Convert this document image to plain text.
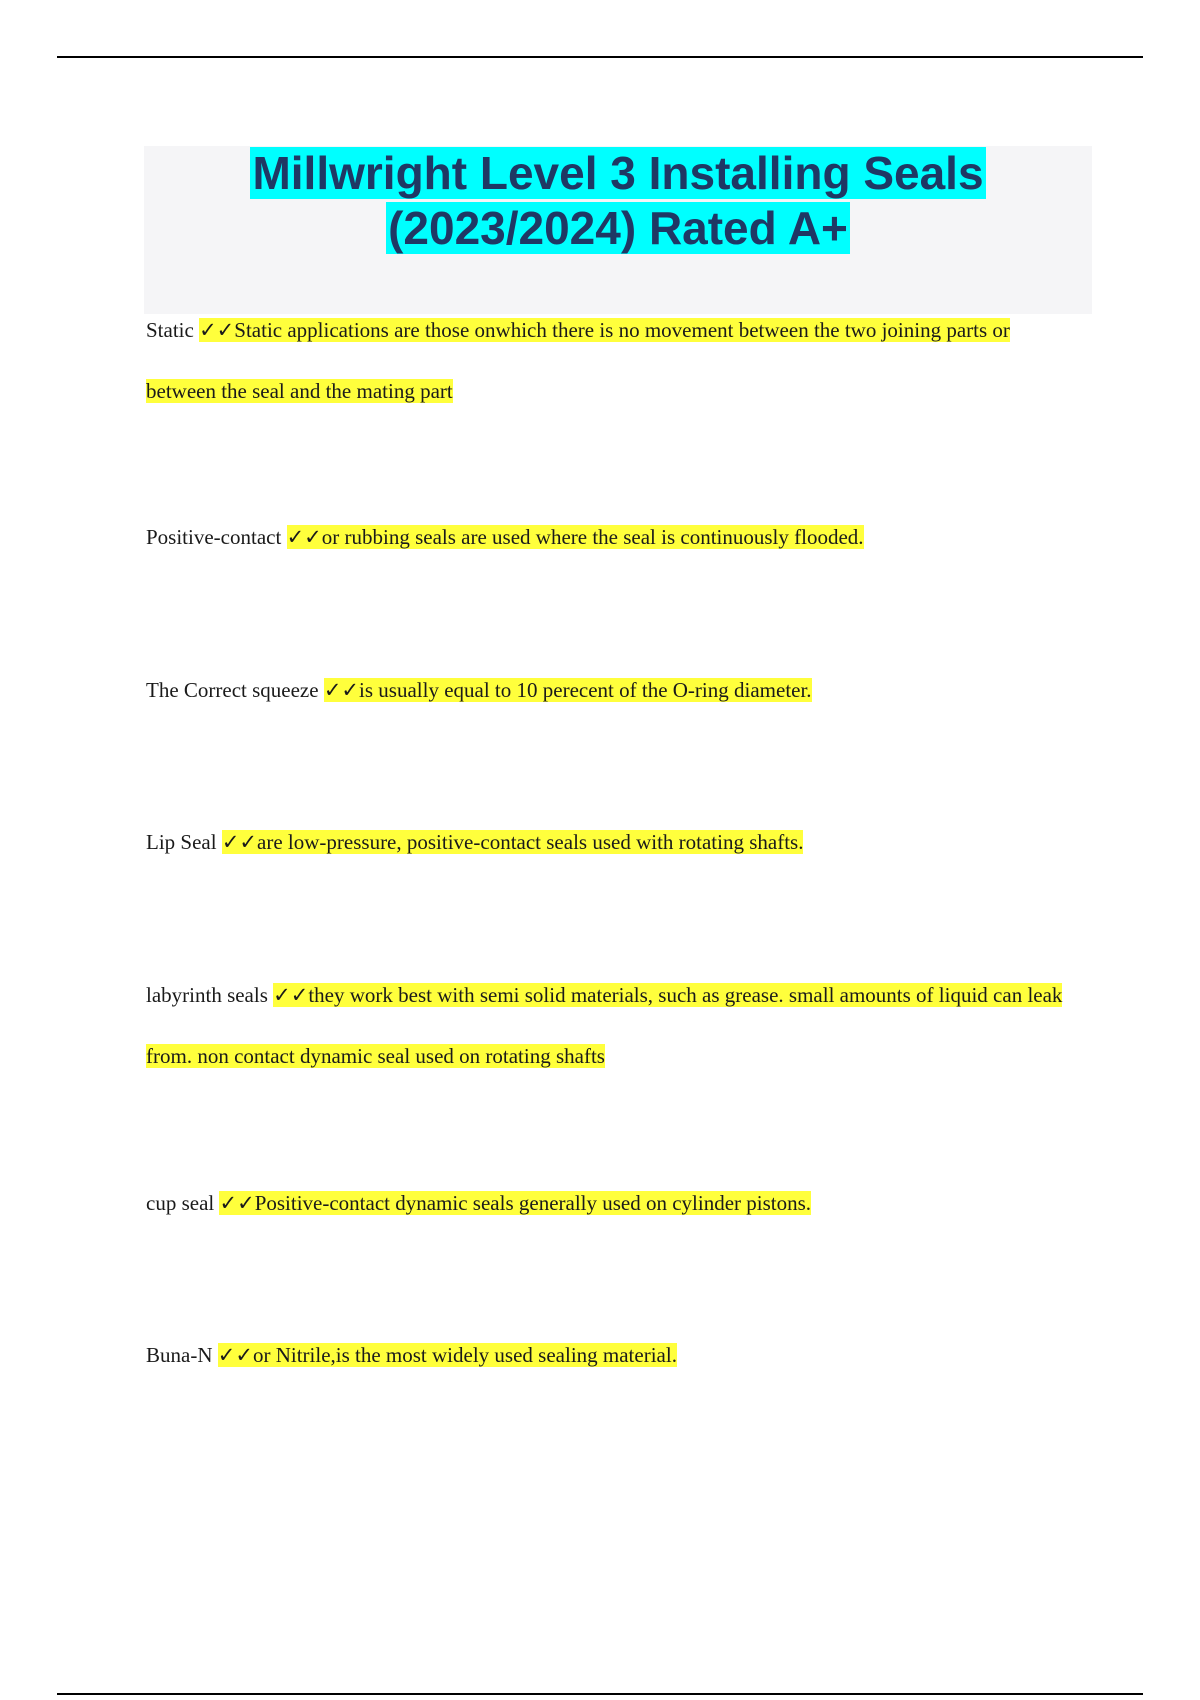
Millwright Level 3 Installing Seals
(2023/2024) Rated A+

Static ✓✓Static applications are those onwhich there is no movement between the two joining parts or between the seal and the mating part

Positive-contact ✓✓or rubbing seals are used where the seal is continuously flooded.

The Correct squeeze ✓✓is usually equal to 10 perecent of the O-ring diameter.

Lip Seal ✓✓are low-pressure, positive-contact seals used with rotating shafts.

labyrinth seals ✓✓they work best with semi solid materials, such as grease. small amounts of liquid can leak from. non contact dynamic seal used on rotating shafts

cup seal ✓✓Positive-contact dynamic seals generally used on cylinder pistons.

Buna-N ✓✓or Nitrile,is the most widely used sealing material.
